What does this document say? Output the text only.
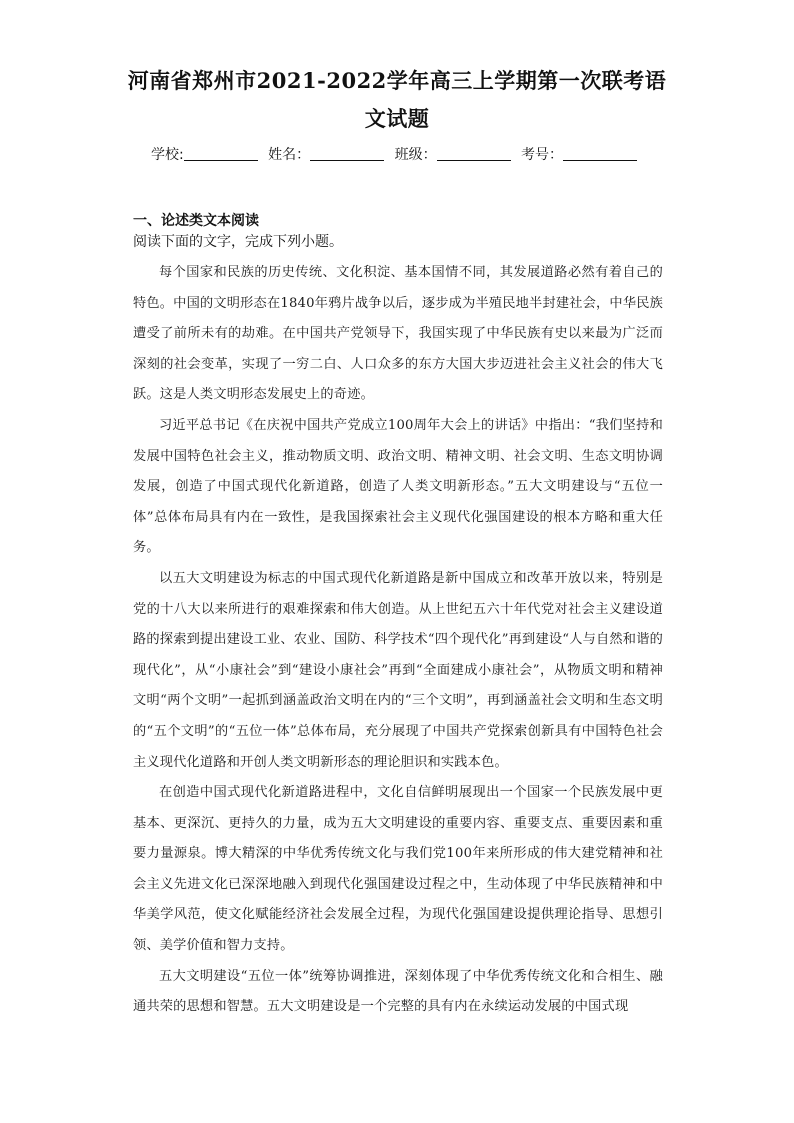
河南省郑州市2021-2022学年高三上学期第一次联考语文试题
学校:	姓名：	班级：	考号：
一、论述类文本阅读
阅读下面的文字，完成下列小题。

每个国家和民族的历史传统、文化积淀、基本国情不同，其发展道路必然有着自己的特色。中国的文明形态在1840年鸦片战争以后，逐步成为半殖民地半封建社会，中华民族遭受了前所未有的劫难。在中国共产党领导下，我国实现了中华民族有史以来最为广泛而深刻的社会变革，实现了一穷二白、人口众多的东方大国大步迈进社会主义社会的伟大飞跃。这是人类文明形态发展史上的奇迹。

习近平总书记《在庆祝中国共产党成立100周年大会上的讲话》中指出：“我们坚持和发展中国特色社会主义，推动物质文明、政治文明、精神文明、社会文明、生态文明协调发展，创造了中国式现代化新道路，创造了人类文明新形态。”五大文明建设与“五位一体”总体布局具有内在一致性，是我国探索社会主义现代化强国建设的根本方略和重大任务。

以五大文明建设为标志的中国式现代化新道路是新中国成立和改革开放以来，特别是党的十八大以来所进行的艰难探索和伟大创造。从上世纪五六十年代党对社会主义建设道路的探索到提出建设工业、农业、国防、科学技术“四个现代化”再到建设“人与自然和谐的现代化”，从“小康社会”到“建设小康社会”再到“全面建成小康社会”，从物质文明和精神文明“两个文明”一起抓到涵盖政治文明在内的“三个文明”，再到涵盖社会文明和生态文明的“五个文明”的“五位一体”总体布局，充分展现了中国共产党探索创新具有中国特色社会主义现代化道路和开创人类文明新形态的理论胆识和实践本色。

在创造中国式现代化新道路进程中，文化自信鲜明展现出一个国家一个民族发展中更基本、更深沉、更持久的力量，成为五大文明建设的重要内容、重要支点、重要因素和重要力量源泉。博大精深的中华优秀传统文化与我们党100年来所形成的伟大建党精神和社会主义先进文化已深深地融入到现代化强国建设过程之中，生动体现了中华民族精神和中华美学风范，使文化赋能经济社会发展全过程，为现代化强国建设提供理论指导、思想引领、美学价值和智力支持。

五大文明建设“五位一体”统筹协调推进，深刻体现了中华优秀传统文化和合相生、融通共荣的思想和智慧。五大文明建设是一个完整的具有内在永续运动发展的中国式现
